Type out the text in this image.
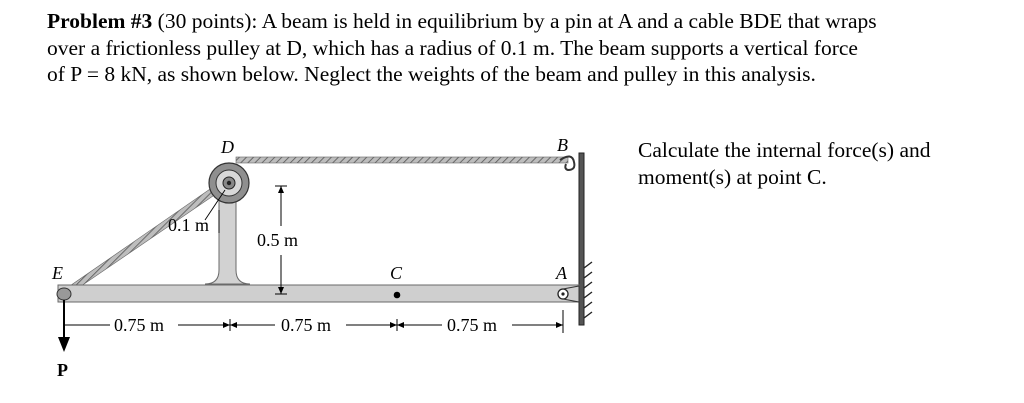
Problem #3 (30 points): A beam is held in equilibrium by a pin at A and a cable BDE that wraps
over a frictionless pulley at D, which has a radius of 0.1 m. The beam supports a vertical force
of P = 8 kN, as shown below. Neglect the weights of the beam and pulley in this analysis.

Calculate the internal force(s) and
moment(s) at point C.

D	B
E	C	A
P
0.1 m
0.5 m
0.75 m	0.75 m	0.75 m
